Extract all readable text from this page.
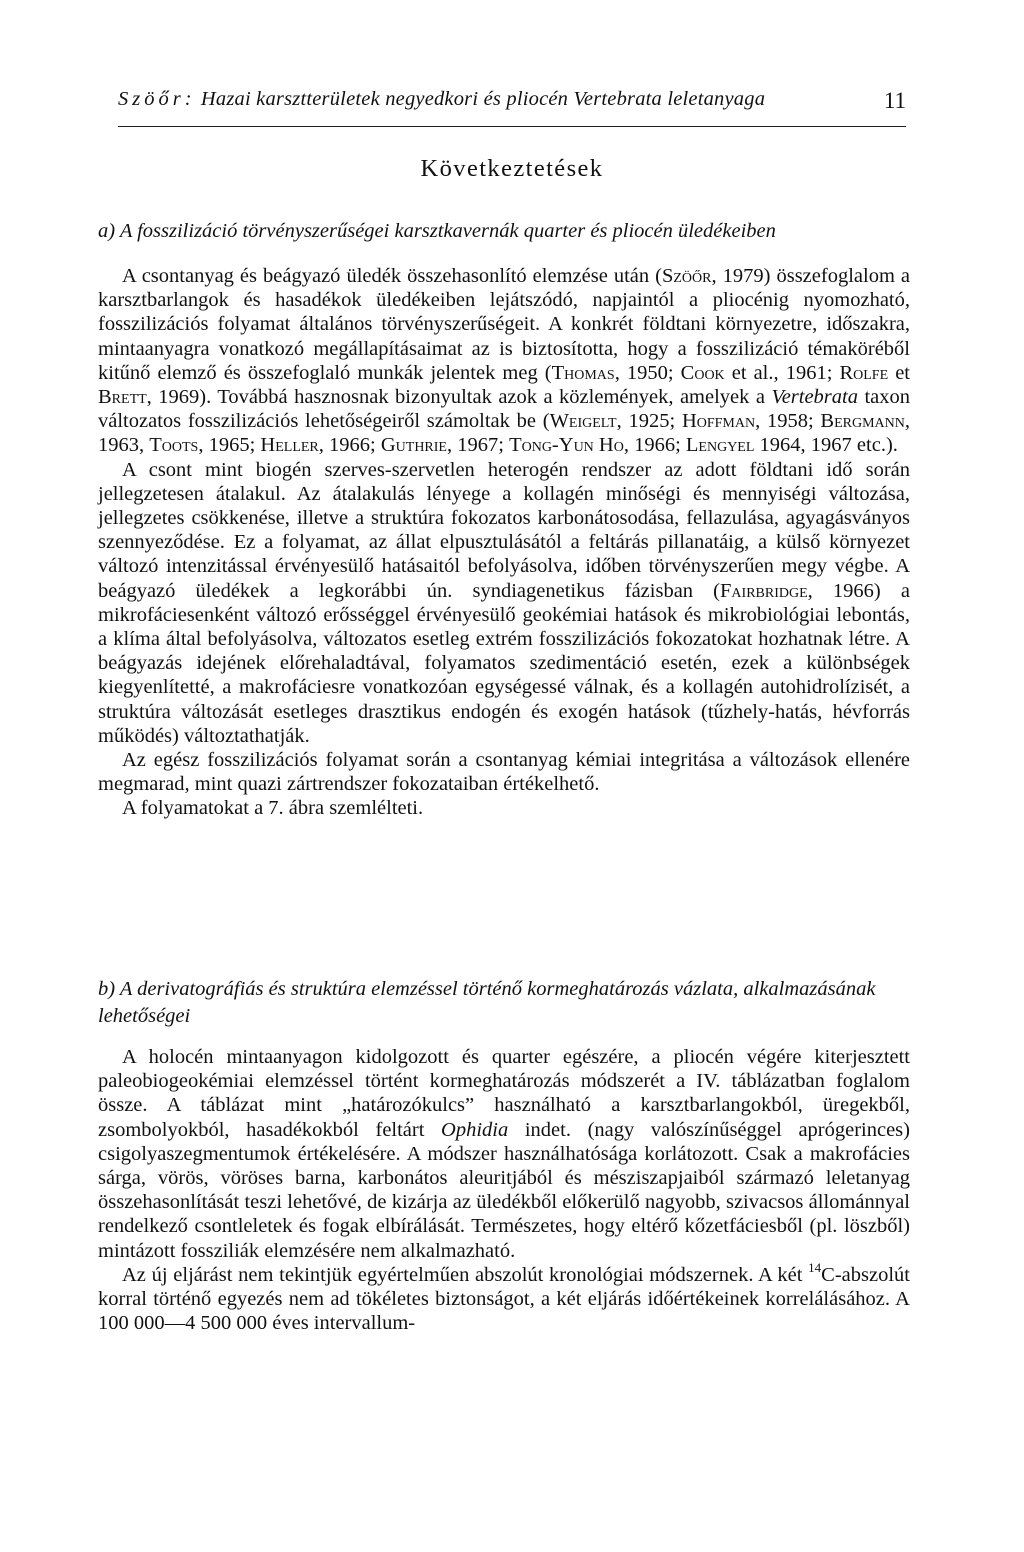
Szöőr: Hazai karsztterületek negyedkori és pliocén Vertebrata leletanyaga	11
Következtetések
a) A fosszilizáció törvényszerűségei karsztkavernák quarter és pliocén üledékeiben

A csontanyag és beágyazó üledék összehasonlító elemzése után (Szöőr, 1979) összefoglalom a karsztbarlangok és hasadékok üledékeiben lejátszódó, napjaintól a pliocénig nyomozható, fosszilizációs folyamat általános törvényszerűségeit. A konkrét földtani környezetre, időszakra, mintaanyagra vonatkozó megállapításaimat az is biztosította, hogy a fosszilizáció témaköréből kitűnő elemző és összefoglaló munkák jelentek meg (Thomas, 1950; Cook et al., 1961; Rolfe et Brett, 1969). Továbbá hasznosnak bizonyultak azok a közlemények, amelyek a Vertebrata taxon változatos fosszilizációs lehetőségeiről számoltak be (Weigelt, 1925; Hoffman, 1958; Bergmann, 1963, Toots, 1965; Heller, 1966; Guthrie, 1967; Tong-Yun Ho, 1966; Lengyel 1964, 1967 etc.).

A csont mint biogén szerves-szervetlen heterogén rendszer az adott földtani idő során jellegzetesen átalakul. Az átalakulás lényege a kollagén minőségi és mennyiségi változása, jellegzetes csökkenése, illetve a struktúra fokozatos karbonátosodása, fellazulása, agyagásványos szennyeződése. Ez a folyamat, az állat elpusztulásától a feltárás pillanatáig, a külső környezet változó intenzitással érvényesülő hatásaitól befolyásolva, időben törvényszerűen megy végbe. A beágyazó üledékek a legkorábbi ún. syndiagenetikus fázisban (Fairbridge, 1966) a mikrofáciesenként változó erősséggel érvényesülő geokémiai hatások és mikrobiológiai lebontás, a klíma által befolyásolva, változatos esetleg extrém fosszilizációs fokozatokat hozhatnak létre. A beágyazás idejének előrehaladtával, folyamatos szedimentáció esetén, ezek a különbségek kiegyenlítetté, a makrofáciesre vonatkozóan egységessé válnak, és a kollagén autohidrolízisét, a struktúra változását esetleges drasztikus endogén és exogén hatások (tűzhely-hatás, hévforrás működés) változtathatják.

Az egész fosszilizációs folyamat során a csontanyag kémiai integritása a változások ellenére megmarad, mint quazi zártrendszer fokozataiban értékelhető.

A folyamatokat a 7. ábra szemlélteti.

b) A derivatográfiás és struktúra elemzéssel történő kormeghatározás vázlata, alkalmazásának lehetőségei

A holocén mintaanyagon kidolgozott és quarter egészére, a pliocén végére kiterjesztett paleobiogeokémiai elemzéssel történt kormeghatározás módszerét a IV. táblázatban foglalom össze. A táblázat mint „határozókulcs” használható a karsztbarlangokból, üregekből, zsombolyokból, hasadékokból feltárt Ophidia indet. (nagy valószínűséggel aprógerinces) csigolyaszegmentumok értékelésére. A módszer használhatósága korlátozott. Csak a makrofácies sárga, vörös, vöröses barna, karbonátos aleuritjából és mésziszapjaiból származó leletanyag összehasonlítását teszi lehetővé, de kizárja az üledékből előkerülő nagyobb, szivacsos állománnyal rendelkező csontleletek és fogak elbírálását. Természetes, hogy eltérő kőzetfáciesből (pl. löszből) mintázott fossziliák elemzésére nem alkalmazható.

Az új eljárást nem tekintjük egyértelműen abszolút kronológiai módszernek. A két $^{14}$C-abszolút korral történő egyezés nem ad tökéletes biztonságot, a két eljárás időértékeinek korrelálásához. A 100 000—4 500 000 éves intervallum-
